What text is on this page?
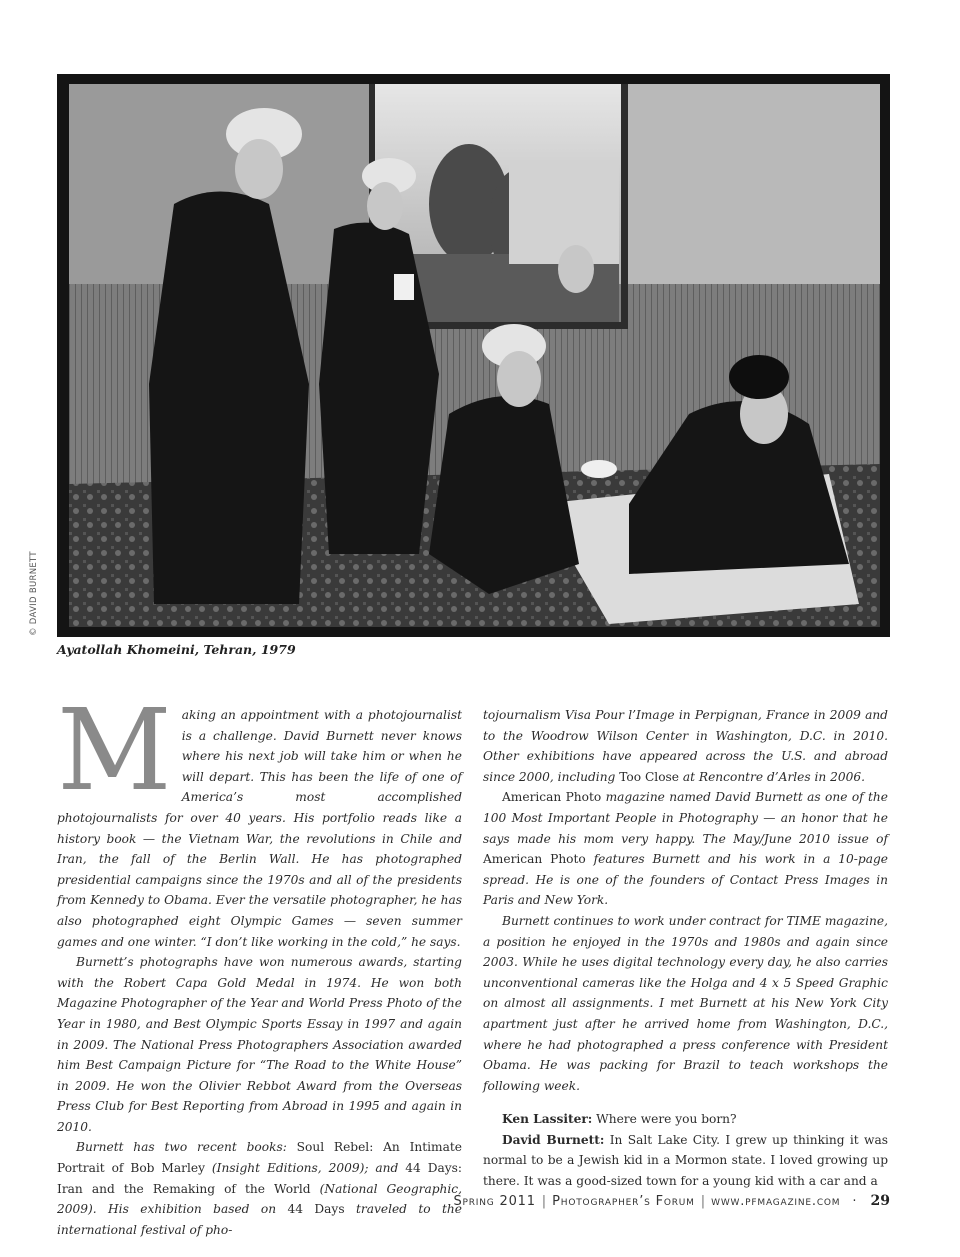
© DAVID BURNETT
Ayatollah Khomeini, Tehran, 1979
M aking an appointment with a photojournalist is a challenge. David Burnett never knows where his next job will take him or when he will depart. This has been the life of one of America’s most accomplished photojournalists for over 40 years. His portfolio reads like a history book — the Vietnam War, the revolutions in Chile and Iran, the fall of the Berlin Wall. He has photographed presidential campaigns since the 1970s and all of the presidents from Kennedy to Obama. Ever the versatile photographer, he has also photographed eight Olympic Games — seven summer games and one winter. “I don’t like working in the cold,” he says.

Burnett’s photographs have won numerous awards, starting with the Robert Capa Gold Medal in 1974. He won both Magazine Photographer of the Year and World Press Photo of the Year in 1980, and Best Olympic Sports Essay in 1997 and again in 2009. The National Press Photographers Association awarded him Best Campaign Picture for “The Road to the White House” in 2009. He won the Olivier Rebbot Award from the Overseas Press Club for Best Reporting from Abroad in 1995 and again in 2010.

Burnett has two recent books: Soul Rebel: An Intimate Portrait of Bob Marley (Insight Editions, 2009); and 44 Days: Iran and the Remaking of the World (National Geographic, 2009). His exhibition based on 44 Days traveled to the international festival of pho-

tojournalism Visa Pour l’Image in Perpignan, France in 2009 and to the Woodrow Wilson Center in Washington, D.C. in 2010. Other exhibitions have appeared across the U.S. and abroad since 2000, including Too Close at Rencontre d’Arles in 2006.

American Photo magazine named David Burnett as one of the 100 Most Important People in Photography — an honor that he says made his mom very happy. The May/June 2010 issue of American Photo features Burnett and his work in a 10-page spread. He is one of the founders of Contact Press Images in Paris and New York.

Burnett continues to work under contract for TIME magazine, a position he enjoyed in the 1970s and 1980s and again since 2003. While he uses digital technology every day, he also carries unconventional cameras like the Holga and 4 x 5 Speed Graphic on almost all assignments. I met Burnett at his New York City apartment just after he arrived home from Washington, D.C., where he had photographed a press conference with President Obama. He was packing for Brazil to teach workshops the following week.

Ken Lassiter: Where were you born?

David Burnett: In Salt Lake City. I grew up thinking it was normal to be a Jewish kid in a Mormon state. I loved growing up there. It was a good-sized town for a young kid with a car and a

Spring 2011 | Photographer’s Forum | www.pfmagazine.com · 29
